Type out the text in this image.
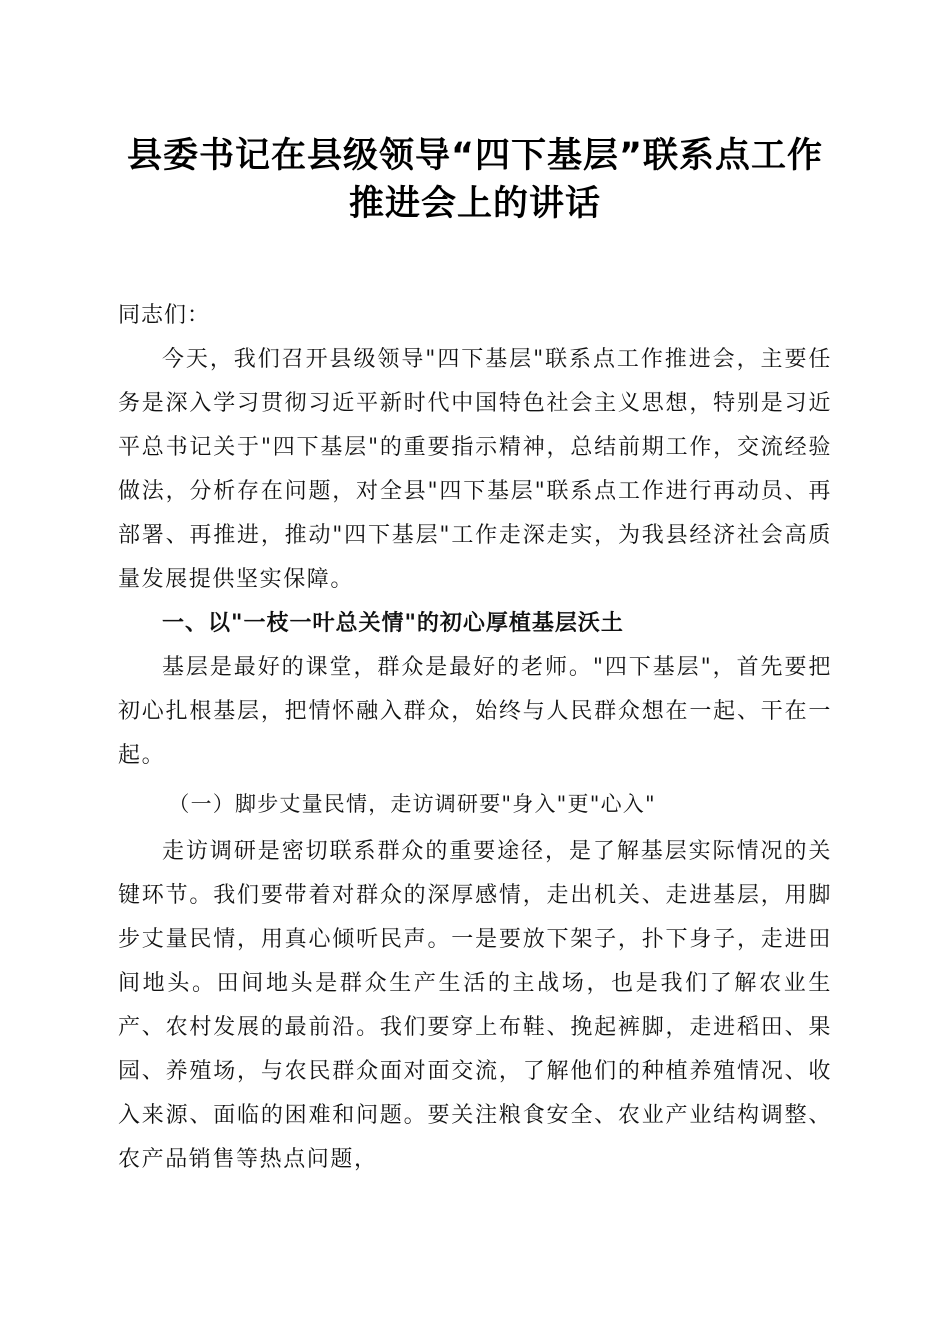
县委书记在县级领导“四下基层”联系点工作
推进会上的讲话

同志们：

今天，我们召开县级领导"四下基层"联系点工作推进会，主要任务是深入学习贯彻习近平新时代中国特色社会主义思想，特别是习近平总书记关于"四下基层"的重要指示精神，总结前期工作，交流经验做法，分析存在问题，对全县"四下基层"联系点工作进行再动员、再部署、再推进，推动"四下基层"工作走深走实，为我县经济社会高质量发展提供坚实保障。

一、以"一枝一叶总关情"的初心厚植基层沃土

基层是最好的课堂，群众是最好的老师。"四下基层"，首先要把初心扎根基层，把情怀融入群众，始终与人民群众想在一起、干在一起。

（一）脚步丈量民情，走访调研要"身入"更"心入"

走访调研是密切联系群众的重要途径，是了解基层实际情况的关键环节。我们要带着对群众的深厚感情，走出机关、走进基层，用脚步丈量民情，用真心倾听民声。一是要放下架子，扑下身子，走进田间地头。田间地头是群众生产生活的主战场，也是我们了解农业生产、农村发展的最前沿。我们要穿上布鞋、挽起裤脚，走进稻田、果园、养殖场，与农民群众面对面交流，了解他们的种植养殖情况、收入来源、面临的困难和问题。要关注粮食安全、农业产业结构调整、农产品销售等热点问题，
